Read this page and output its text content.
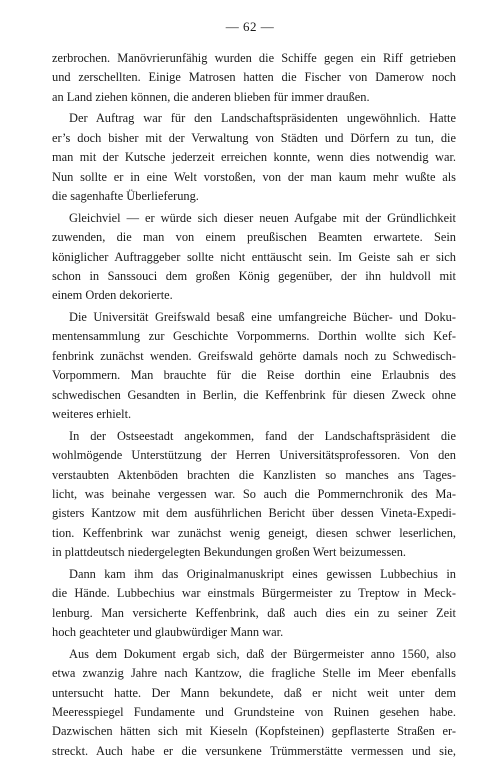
— 62 —
zerbrochen. Manövrierunfähig wurden die Schiffe gegen ein Riff getrieben
und zerschellten. Einige Matrosen hatten die Fischer von Damerow noch
an Land ziehen können, die anderen blieben für immer draußen.
Der Auftrag war für den Landschaftspräsidenten ungewöhnlich. Hatte
er’s doch bisher mit der Verwaltung von Städten und Dörfern zu tun, die
man mit der Kutsche jederzeit erreichen konnte, wenn dies notwendig war.
Nun sollte er in eine Welt vorstoßen, von der man kaum mehr wußte als
die sagenhafte Überlieferung.
Gleichviel — er würde sich dieser neuen Aufgabe mit der Gründlichkeit
zuwenden, die man von einem preußischen Beamten erwartete. Sein
königlicher Auftraggeber sollte nicht enttäuscht sein. Im Geiste sah er sich
schon in Sanssouci dem großen König gegenüber, der ihn huldvoll mit
einem Orden dekorierte.
Die Universität Greifswald besaß eine umfangreiche Bücher- und Doku-
mentensammlung zur Geschichte Vorpommerns. Dorthin wollte sich Kef-
fenbrink zunächst wenden. Greifswald gehörte damals noch zu Schwedisch-
Vorpommern. Man brauchte für die Reise dorthin eine Erlaubnis des
schwedischen Gesandten in Berlin, die Keffenbrink für diesen Zweck ohne
weiteres erhielt.
In der Ostseestadt angekommen, fand der Landschaftspräsident die
wohlmögende Unterstützung der Herren Universitätsprofessoren. Von den
verstaubten Aktenböden brachten die Kanzlisten so manches ans Tages-
licht, was beinahe vergessen war. So auch die Pommernchronik des Ma-
gisters Kantzow mit dem ausführlichen Bericht über dessen Vineta-Expedi-
tion. Keffenbrink war zunächst wenig geneigt, diesen schwer leserlichen,
in plattdeutsch niedergelegten Bekundungen großen Wert beizumessen.
Dann kam ihm das Originalmanuskript eines gewissen Lubbechius in
die Hände. Lubbechius war einstmals Bürgermeister zu Treptow in Meck-
lenburg. Man versicherte Keffenbrink, daß auch dies ein zu seiner Zeit
hoch geachteter und glaubwürdiger Mann war.
Aus dem Dokument ergab sich, daß der Bürgermeister anno 1560, also
etwa zwanzig Jahre nach Kantzow, die fragliche Stelle im Meer ebenfalls
untersucht hatte. Der Mann bekundete, daß er nicht weit unter dem
Meeresspiegel Fundamente und Grundsteine von Ruinen gesehen habe.
Dazwischen hätten sich mit Kieseln (Kopfsteinen) gepflasterte Straßen er-
streckt. Auch habe er die versunkene Trümmerstätte vermessen und sie,
